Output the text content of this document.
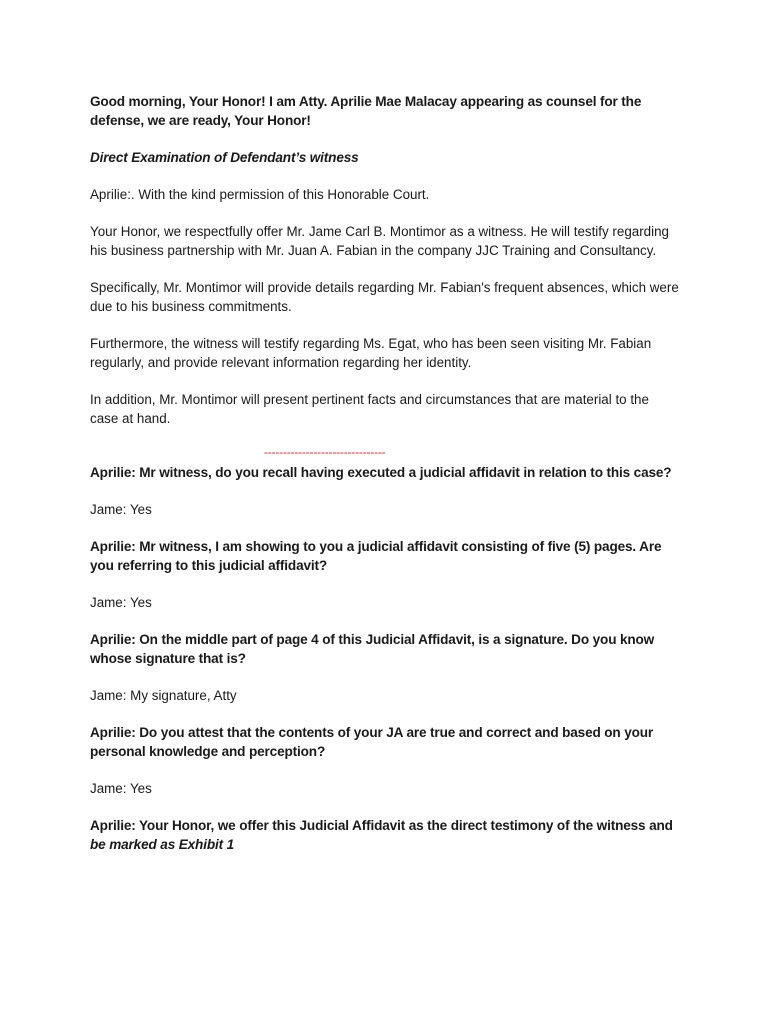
Good morning, Your Honor! I am Atty. Aprilie Mae Malacay appearing as counsel for the defense, we are ready, Your Honor!

Direct Examination of Defendant’s witness

Aprilie:. With the kind permission of this Honorable Court.

Your Honor, we respectfully offer Mr. Jame Carl B. Montimor as a witness. He will testify regarding his business partnership with Mr. Juan A. Fabian in the company JJC Training and Consultancy.

Specifically, Mr. Montimor will provide details regarding Mr. Fabian's frequent absences, which were due to his business commitments.

Furthermore, the witness will testify regarding Ms. Egat, who has been seen visiting Mr. Fabian regularly, and provide relevant information regarding her identity.

In addition, Mr. Montimor will present pertinent facts and circumstances that are material to the case at hand.

--------------------------------

Aprilie: Mr witness, do you recall having executed a judicial affidavit in relation to this case?

Jame: Yes

Aprilie: Mr witness, I am showing to you a judicial affidavit consisting of five (5) pages. Are you referring to this judicial affidavit?

Jame: Yes

Aprilie: On the middle part of page 4 of this Judicial Affidavit, is a signature. Do you know whose signature that is?

Jame: My signature, Atty

Aprilie: Do you attest that the contents of your JA are true and correct and based on your personal knowledge and perception?

Jame: Yes

Aprilie: Your Honor, we offer this Judicial Affidavit as the direct testimony of the witness and be marked as Exhibit 1
